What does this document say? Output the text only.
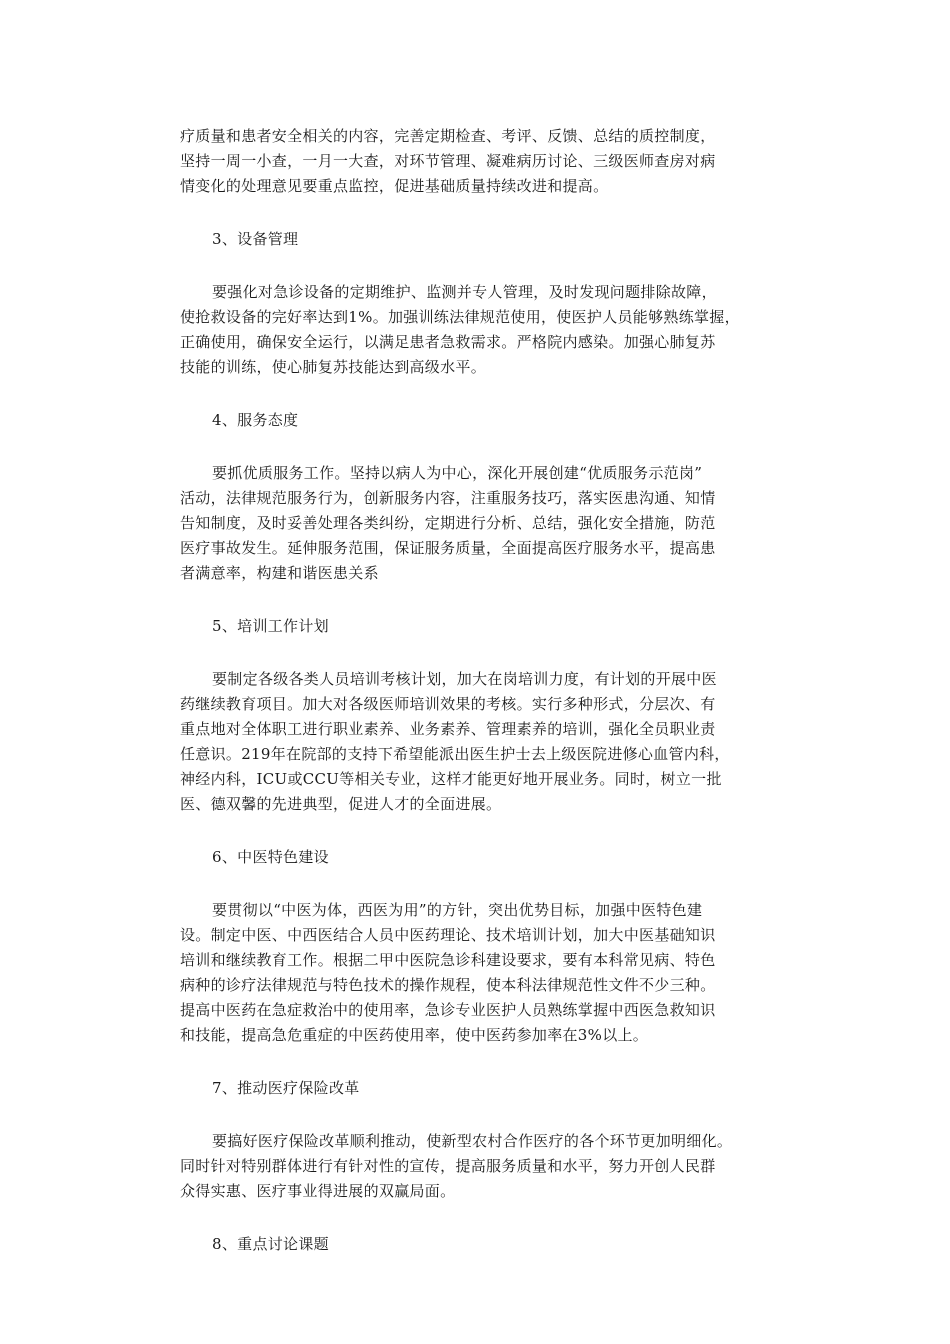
疗质量和患者安全相关的内容，完善定期检查、考评、反馈、总结的质控制度，
坚持一周一小查，一月一大查，对环节管理、凝难病历讨论、三级医师查房对病
情变化的处理意见要重点监控，促进基础质量持续改进和提高。
3、设备管理
要强化对急诊设备的定期维护、监测并专人管理，及时发现问题排除故障，
使抢救设备的完好率达到1%。加强训练法律规范使用，使医护人员能够熟练掌握，
正确使用，确保安全运行，以满足患者急救需求。严格院内感染。加强心肺复苏
技能的训练，使心肺复苏技能达到高级水平。
4、服务态度
要抓优质服务工作。坚持以病人为中心，深化开展创建“优质服务示范岗”
活动，法律规范服务行为，创新服务内容，注重服务技巧，落实医患沟通、知情
告知制度，及时妥善处理各类纠纷，定期进行分析、总结，强化安全措施，防范
医疗事故发生。延伸服务范围，保证服务质量，全面提高医疗服务水平，提高患
者满意率，构建和谐医患关系
5、培训工作计划
要制定各级各类人员培训考核计划，加大在岗培训力度，有计划的开展中医
药继续教育项目。加大对各级医师培训效果的考核。实行多种形式，分层次、有
重点地对全体职工进行职业素养、业务素养、管理素养的培训，强化全员职业责
任意识。219年在院部的支持下希望能派出医生护士去上级医院进修心血管内科，
神经内科，ICU或CCU等相关专业，这样才能更好地开展业务。同时，树立一批
医、德双馨的先进典型，促进人才的全面进展。
6、中医特色建设
要贯彻以“中医为体，西医为用”的方针，突出优势目标，加强中医特色建
设。制定中医、中西医结合人员中医药理论、技术培训计划，加大中医基础知识
培训和继续教育工作。根据二甲中医院急诊科建设要求，要有本科常见病、特色
病种的诊疗法律规范与特色技术的操作规程，使本科法律规范性文件不少三种。
提高中医药在急症救治中的使用率，急诊专业医护人员熟练掌握中西医急救知识
和技能，提高急危重症的中医药使用率，使中医药参加率在3%以上。
7、推动医疗保险改革
要搞好医疗保险改革顺利推动，使新型农村合作医疗的各个环节更加明细化。
同时针对特别群体进行有针对性的宣传，提高服务质量和水平，努力开创人民群
众得实惠、医疗事业得进展的双赢局面。
8、重点讨论课题
